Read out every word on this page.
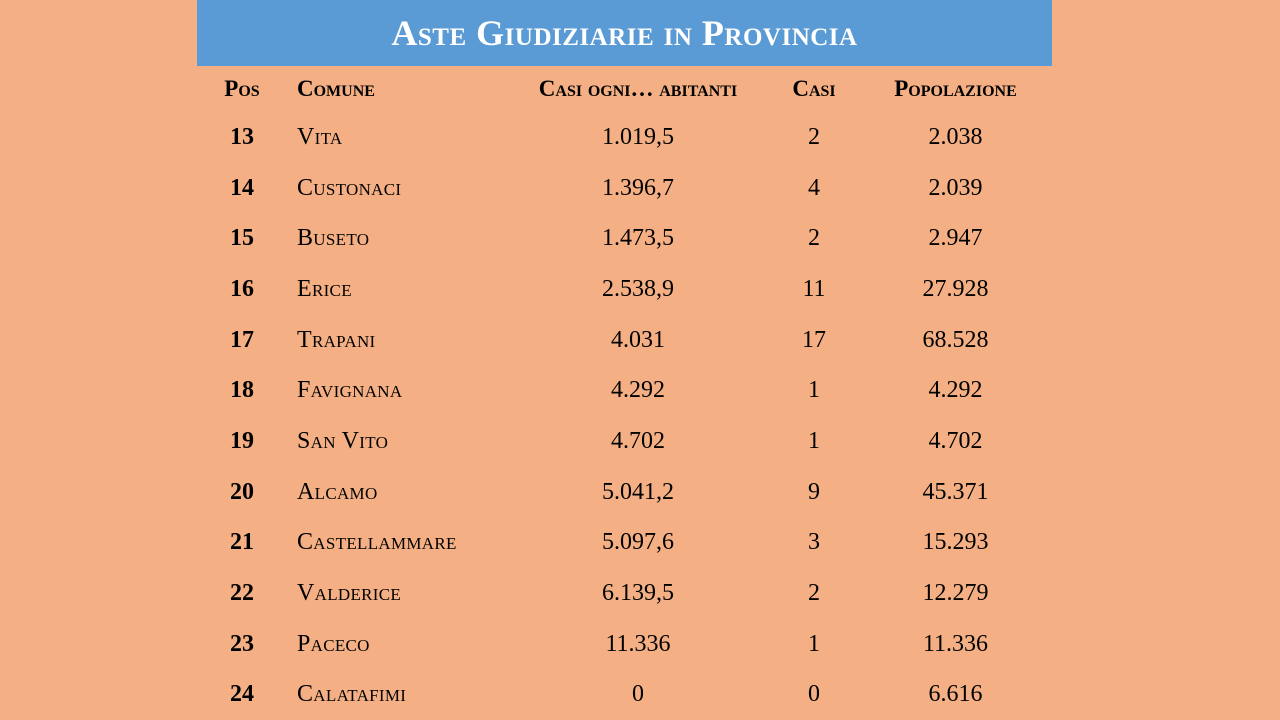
Aste Giudiziarie in Provincia
Pos	Comune	Casi ogni… abitanti	Casi	Popolazione
13	Vita	1.019,5	2	2.038
14	Custonaci	1.396,7	4	2.039
15	Buseto	1.473,5	2	2.947
16	Erice	2.538,9	11	27.928
17	Trapani	4.031	17	68.528
18	Favignana	4.292	1	4.292
19	San Vito	4.702	1	4.702
20	Alcamo	5.041,2	9	45.371
21	Castellammare	5.097,6	3	15.293
22	Valderice	6.139,5	2	12.279
23	Paceco	11.336	1	11.336
24	Calatafimi	0	0	6.616
